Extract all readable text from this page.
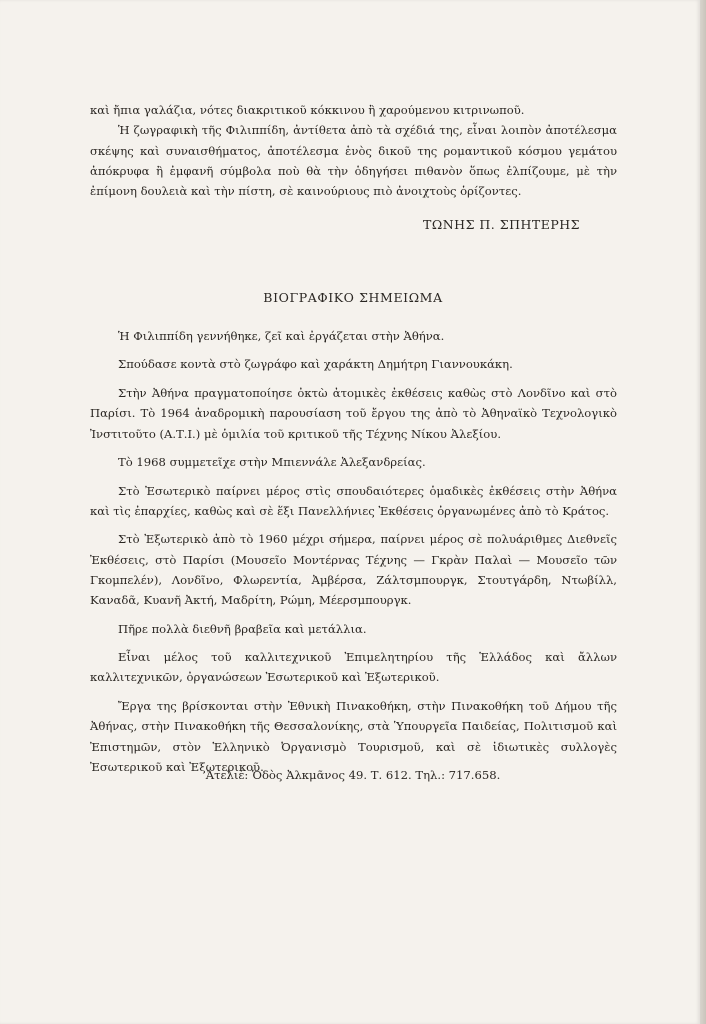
καὶ ἤπια γαλάζια, νότες διακριτικοῦ κόκκινου ἢ χαρούμενου κιτρινωποῦ.

Ἡ ζωγραφικὴ τῆς Φιλιππίδη, ἀντίθετα ἀπὸ τὰ σχέδιά της, εἶναι λοιπὸν ἀποτέλεσμα σκέψης καὶ συναισθήματος, ἀποτέλεσμα ἑνὸς δικοῦ της ρομαντικοῦ κόσμου γεμάτου ἀπόκρυφα ἢ ἐμφανῆ σύμβολα ποὺ θὰ τὴν ὁδηγήσει πιθανὸν ὅπως ἐλπίζουμε, μὲ τὴν ἐπίμονη δουλειὰ καὶ τὴν πίστη, σὲ καινούριους πιὸ ἀνοιχτοὺς ὁρίζοντες.

ΤΩΝΗΣ Π. ΣΠΗΤΕΡΗΣ

ΒΙΟΓΡΑΦΙΚΟ ΣΗΜΕΙΩΜΑ

Ἡ Φιλιππίδη γεννήθηκε, ζεῖ καὶ ἐργάζεται στὴν Ἀθήνα.

Σπούδασε κοντὰ στὸ ζωγράφο καὶ χαράκτη Δημήτρη Γιαννουκάκη.

Στὴν Ἀθήνα πραγματοποίησε ὀκτὼ ἀτομικὲς ἐκθέσεις καθὼς στὸ Λονδῖνο καὶ στὸ Παρίσι. Τὸ 1964 ἀναδρομικὴ παρουσίαση τοῦ ἔργου της ἀπὸ τὸ Ἀθηναϊκὸ Τεχνολογικὸ Ἰνστιτοῦτο (Α.Τ.Ι.) μὲ ὁμιλία τοῦ κριτικοῦ τῆς Τέχνης Νίκου Ἀλεξίου.

Τὸ 1968 συμμετεῖχε στὴν Μπιεννάλε Ἀλεξανδρείας.

Στὸ Ἐσωτερικὸ παίρνει μέρος στὶς σπουδαιότερες ὁμαδικὲς ἐκθέσεις στὴν Ἀθήνα καὶ τὶς ἐπαρχίες, καθὼς καὶ σὲ ἕξι Πανελλήνιες Ἐκθέσεις ὀργανωμένες ἀπὸ τὸ Κράτος.

Στὸ Ἐξωτερικὸ ἀπὸ τὸ 1960 μέχρι σήμερα, παίρνει μέρος σὲ πολυάριθμες Διεθνεῖς Ἐκθέσεις, στὸ Παρίσι (Μουσεῖο Μοντέρνας Τέχνης — Γκρὰν Παλαὶ — Μουσεῖο τῶν Γκομπελέν), Λονδῖνο, Φλωρεντία, Ἀμβέρσα, Ζάλτσμπουργκ, Στουτγάρδη, Ντωβίλλ, Καναδᾶ, Κυανῆ Ἀκτή, Μαδρίτη, Ρώμη, Μέερσμπουργκ.

Πῆρε πολλὰ διεθνῆ βραβεῖα καὶ μετάλλια.

Εἶναι μέλος τοῦ καλλιτεχνικοῦ Ἐπιμελητηρίου τῆς Ἑλλάδος καὶ ἄλλων καλλιτεχνικῶν, ὀργανώσεων Ἐσωτερικοῦ καὶ Ἐξωτερικοῦ.

Ἔργα της βρίσκονται στὴν Ἐθνικὴ Πινακοθήκη, στὴν Πινακοθήκη τοῦ Δήμου τῆς Ἀθήνας, στὴν Πινακοθήκη τῆς Θεσσαλονίκης, στὰ Ὑπουργεῖα Παιδείας, Πολιτισμοῦ καὶ Ἐπιστημῶν, στὸν Ἑλληνικὸ Ὀργανισμὸ Τουρισμοῦ, καὶ σὲ ἰδιωτικὲς συλλογὲς Ἐσωτερικοῦ καὶ Ἐξωτερικοῦ.

Ἀτελιέ: Ὁδὸς Ἀλκμᾶνος 49. Τ. 612. Τηλ.: 717.658.
